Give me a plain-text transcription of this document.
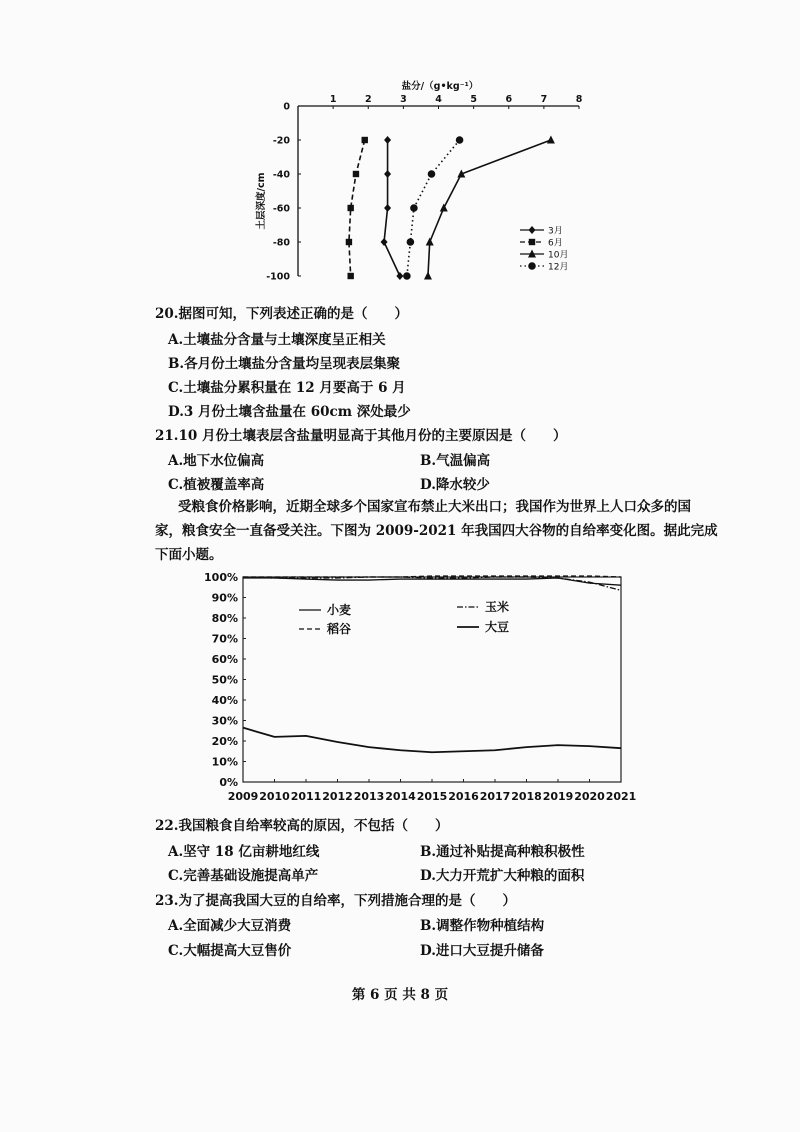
盐分/（g•kg⁻¹）
1	2	3	4	5	6	7	8
0
-20
-40
-60
-80
-100
土层深度/cm
3月
6月
10月
12月
20.据图可知，下列表述正确的是（　　）
A.土壤盐分含量与土壤深度呈正相关
B.各月份土壤盐分含量均呈现表层集聚
C.土壤盐分累积量在 12 月要高于 6 月
D.3 月份土壤含盐量在 60cm 深处最少
21.10 月份土壤表层含盐量明显高于其他月份的主要原因是（　　）
A.地下水位偏高	B.气温偏高
C.植被覆盖率高	D.降水较少
受粮食价格影响，近期全球多个国家宣布禁止大米出口；我国作为世界上人口众多的国
家，粮食安全一直备受关注。下图为 2009-2021 年我国四大谷物的自给率变化图。据此完成
下面小题。
0%
10%
20%
30%
40%
50%
60%
70%
80%
90%
100%
2009 2010 2011 2012 2013 2014 2015 2016 2017 2018 2019 2020 2021
小麦	玉米
稻谷	大豆
22.我国粮食自给率较高的原因，不包括（　　）
A.坚守 18 亿亩耕地红线	B.通过补贴提高种粮积极性
C.完善基础设施提高单产	D.大力开荒扩大种粮的面积
23.为了提高我国大豆的自给率，下列措施合理的是（　　）
A.全面减少大豆消费	B.调整作物种植结构
C.大幅提高大豆售价	D.进口大豆提升储备
第 6 页 共 8 页
